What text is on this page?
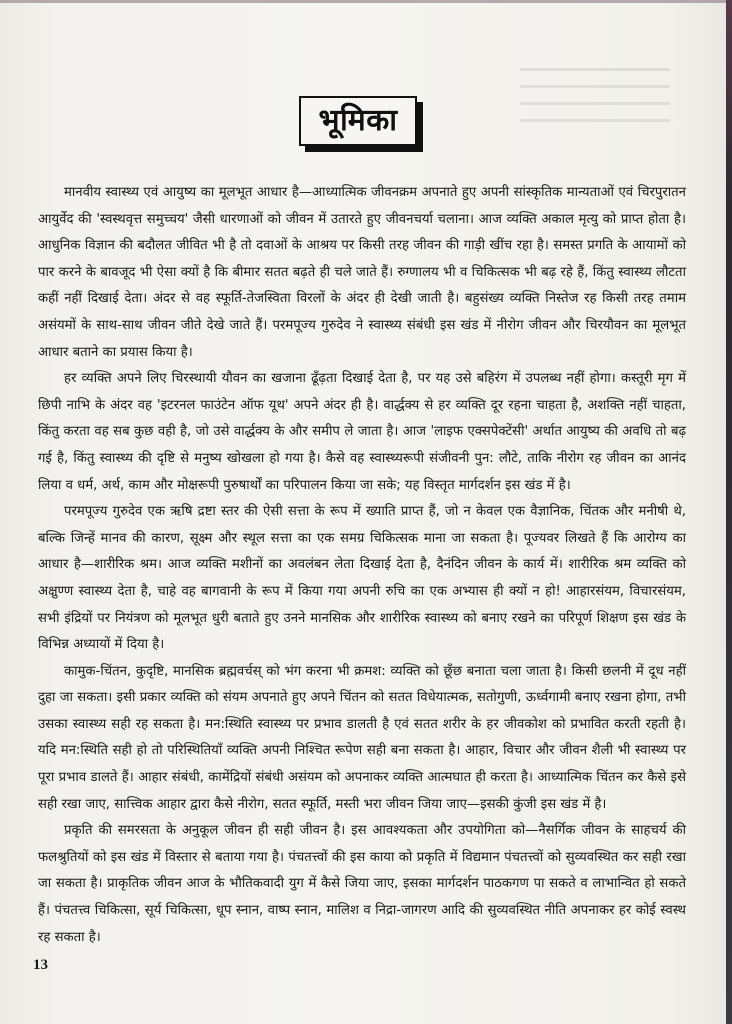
भूमिका

मानवीय स्वास्थ्य एवं आयुष्य का मूलभूत आधार है—आध्यात्मिक जीवनक्रम अपनाते हुए अपनी सांस्कृतिक मान्यताओं एवं चिरपुरातन आयुर्वेद की 'स्वस्थवृत्त समुच्चय' जैसी धारणाओं को जीवन में उतारते हुए जीवनचर्या चलाना। आज व्यक्ति अकाल मृत्यु को प्राप्त होता है। आधुनिक विज्ञान की बदौलत जीवित भी है तो दवाओं के आश्रय पर किसी तरह जीवन की गाड़ी खींच रहा है। समस्त प्रगति के आयामों को पार करने के बावजूद भी ऐसा क्यों है कि बीमार सतत बढ़ते ही चले जाते हैं। रुग्णालय भी व चिकित्सक भी बढ़ रहे हैं, किंतु स्वास्थ्य लौटता कहीं नहीं दिखाई देता। अंदर से वह स्फूर्ति-तेजस्विता विरलों के अंदर ही देखी जाती है। बहुसंख्य व्यक्ति निस्तेज रह किसी तरह तमाम असंयमों के साथ-साथ जीवन जीते देखे जाते हैं। परमपूज्य गुरुदेव ने स्वास्थ्य संबंधी इस खंड में नीरोग जीवन और चिरयौवन का मूलभूत आधार बताने का प्रयास किया है।

हर व्यक्ति अपने लिए चिरस्थायी यौवन का खजाना ढूँढ़ता दिखाई देता है, पर यह उसे बहिरंग में उपलब्ध नहीं होगा। कस्तूरी मृग में छिपी नाभि के अंदर वह 'इटरनल फाउंटेन ऑफ यूथ' अपने अंदर ही है। वार्द्धक्य से हर व्यक्ति दूर रहना चाहता है, अशक्ति नहीं चाहता, किंतु करता वह सब कुछ वही है, जो उसे वार्द्धक्य के और समीप ले जाता है। आज 'लाइफ एक्सपेक्टेंसी' अर्थात आयुष्य की अवधि तो बढ़ गई है, किंतु स्वास्थ्य की दृष्टि से मनुष्य खोखला हो गया है। कैसे वह स्वास्थ्यरूपी संजीवनी पुन: लौटे, ताकि नीरोग रह जीवन का आनंद लिया व धर्म, अर्थ, काम और मोक्षरूपी पुरुषार्थों का परिपालन किया जा सके; यह विस्तृत मार्गदर्शन इस खंड में है।

परमपूज्य गुरुदेव एक ऋषि द्रष्टा स्तर की ऐसी सत्ता के रूप में ख्याति प्राप्त हैं, जो न केवल एक वैज्ञानिक, चिंतक और मनीषी थे, बल्कि जिन्हें मानव की कारण, सूक्ष्म और स्थूल सत्ता का एक समग्र चिकित्सक माना जा सकता है। पूज्यवर लिखते हैं कि आरोग्य का आधार है—शारीरिक श्रम। आज व्यक्ति मशीनों का अवलंबन लेता दिखाई देता है, दैनंदिन जीवन के कार्य में। शारीरिक श्रम व्यक्ति को अक्षुण्ण स्वास्थ्य देता है, चाहे वह बागवानी के रूप में किया गया अपनी रुचि का एक अभ्यास ही क्यों न हो! आहारसंयम, विचारसंयम, सभी इंद्रियों पर नियंत्रण को मूलभूत धुरी बताते हुए उनने मानसिक और शारीरिक स्वास्थ्य को बनाए रखने का परिपूर्ण शिक्षण इस खंड के विभिन्न अध्यायों में दिया है।

कामुक-चिंतन, कुदृष्टि, मानसिक ब्रह्मवर्चस् को भंग करना भी क्रमश: व्यक्ति को छूँछ बनाता चला जाता है। किसी छलनी में दूध नहीं दुहा जा सकता। इसी प्रकार व्यक्ति को संयम अपनाते हुए अपने चिंतन को सतत विधेयात्मक, सतोगुणी, ऊर्ध्वगामी बनाए रखना होगा, तभी उसका स्वास्थ्य सही रह सकता है। मन:स्थिति स्वास्थ्य पर प्रभाव डालती है एवं सतत शरीर के हर जीवकोश को प्रभावित करती रहती है। यदि मन:स्थिति सही हो तो परिस्थितियाँ व्यक्ति अपनी निश्चित रूपेण सही बना सकता है। आहार, विचार और जीवन शैली भी स्वास्थ्य पर पूरा प्रभाव डालते हैं। आहार संबंधी, कामेंद्रियों संबंधी असंयम को अपनाकर व्यक्ति आत्मघात ही करता है। आध्यात्मिक चिंतन कर कैसे इसे सही रखा जाए, सात्त्विक आहार द्वारा कैसे नीरोग, सतत स्फूर्ति, मस्ती भरा जीवन जिया जाए—इसकी कुंजी इस खंड में है।

प्रकृति की समरसता के अनुकूल जीवन ही सही जीवन है। इस आवश्यकता और उपयोगिता को—नैसर्गिक जीवन के साहचर्य की फलश्रुतियों को इस खंड में विस्तार से बताया गया है। पंचतत्त्वों की इस काया को प्रकृति में विद्यमान पंचतत्त्वों को सुव्यवस्थित कर सही रखा जा सकता है। प्राकृतिक जीवन आज के भौतिकवादी युग में कैसे जिया जाए, इसका मार्गदर्शन पाठकगण पा सकते व लाभान्वित हो सकते हैं। पंचतत्त्व चिकित्सा, सूर्य चिकित्सा, धूप स्नान, वाष्प स्नान, मालिश व निद्रा-जागरण आदि की सुव्यवस्थित नीति अपनाकर हर कोई स्वस्थ रह सकता है।

13
